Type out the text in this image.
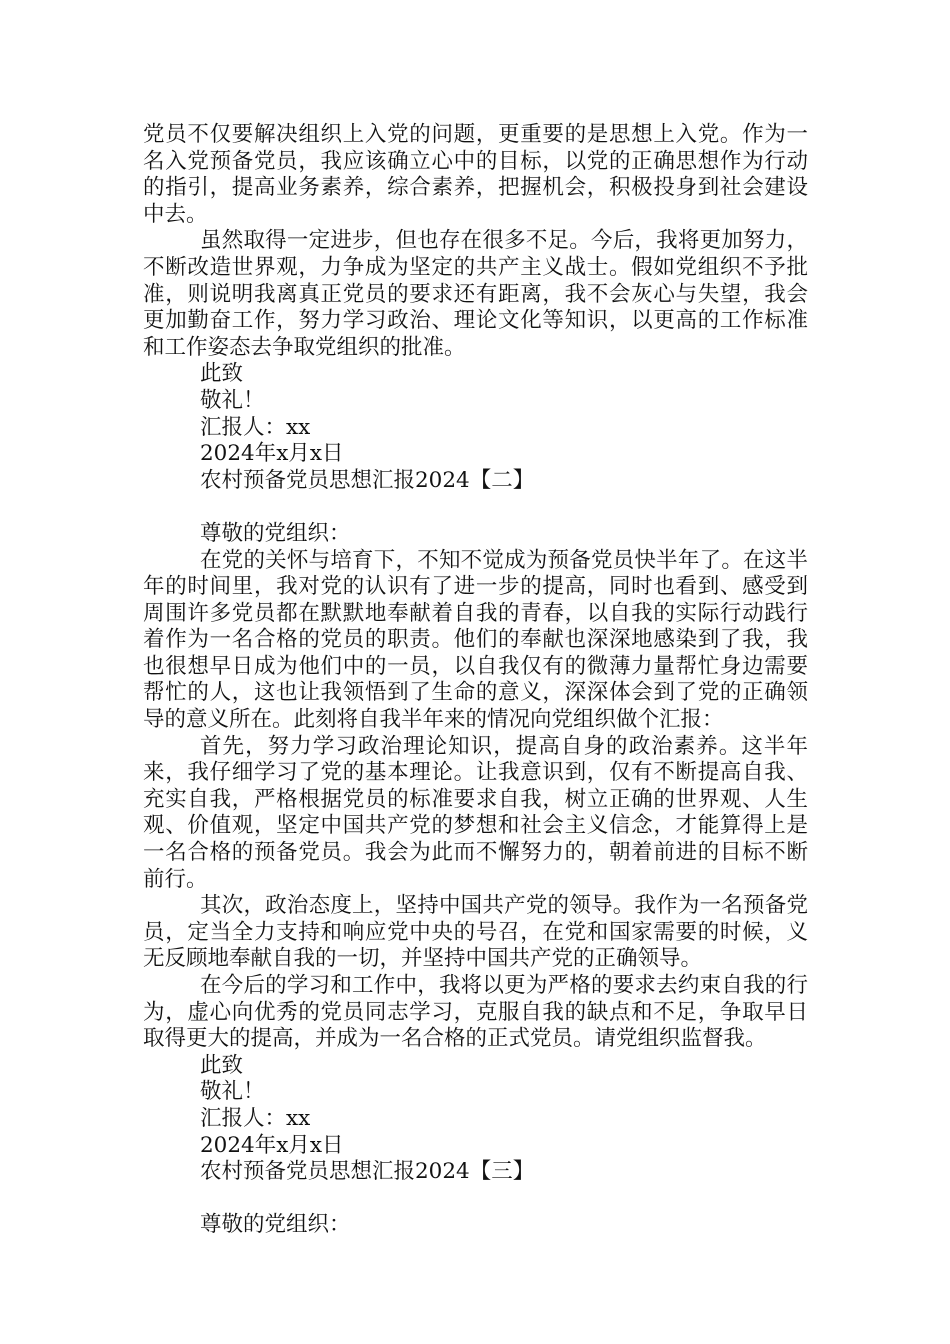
党员不仅要解决组织上入党的问题，更重要的是思想上入党。作为一名入党预备党员，我应该确立心中的目标，以党的正确思想作为行动的指引，提高业务素养，综合素养，把握机会，积极投身到社会建设中去。

虽然取得一定进步，但也存在很多不足。今后，我将更加努力，不断改造世界观，力争成为坚定的共产主义战士。假如党组织不予批准，则说明我离真正党员的要求还有距离，我不会灰心与失望，我会更加勤奋工作，努力学习政治、理论文化等知识，以更高的工作标准和工作姿态去争取党组织的批准。

此致

敬礼！

汇报人：xx

2024年x月x日

农村预备党员思想汇报2024【二】

尊敬的党组织：

在党的关怀与培育下，不知不觉成为预备党员快半年了。在这半年的时间里，我对党的认识有了进一步的提高，同时也看到、感受到周围许多党员都在默默地奉献着自我的青春，以自我的实际行动践行着作为一名合格的党员的职责。他们的奉献也深深地感染到了我，我也很想早日成为他们中的一员，以自我仅有的微薄力量帮忙身边需要帮忙的人，这也让我领悟到了生命的意义，深深体会到了党的正确领导的意义所在。此刻将自我半年来的情况向党组织做个汇报：

首先，努力学习政治理论知识，提高自身的政治素养。这半年来，我仔细学习了党的基本理论。让我意识到，仅有不断提高自我、充实自我，严格根据党员的标准要求自我，树立正确的世界观、人生观、价值观，坚定中国共产党的梦想和社会主义信念，才能算得上是一名合格的预备党员。我会为此而不懈努力的，朝着前进的目标不断前行。

其次，政治态度上，坚持中国共产党的领导。我作为一名预备党员，定当全力支持和响应党中央的号召，在党和国家需要的时候，义无反顾地奉献自我的一切，并坚持中国共产党的正确领导。

在今后的学习和工作中，我将以更为严格的要求去约束自我的行为，虚心向优秀的党员同志学习，克服自我的缺点和不足，争取早日取得更大的提高，并成为一名合格的正式党员。请党组织监督我。

此致

敬礼！

汇报人：xx

2024年x月x日

农村预备党员思想汇报2024【三】

尊敬的党组织：
